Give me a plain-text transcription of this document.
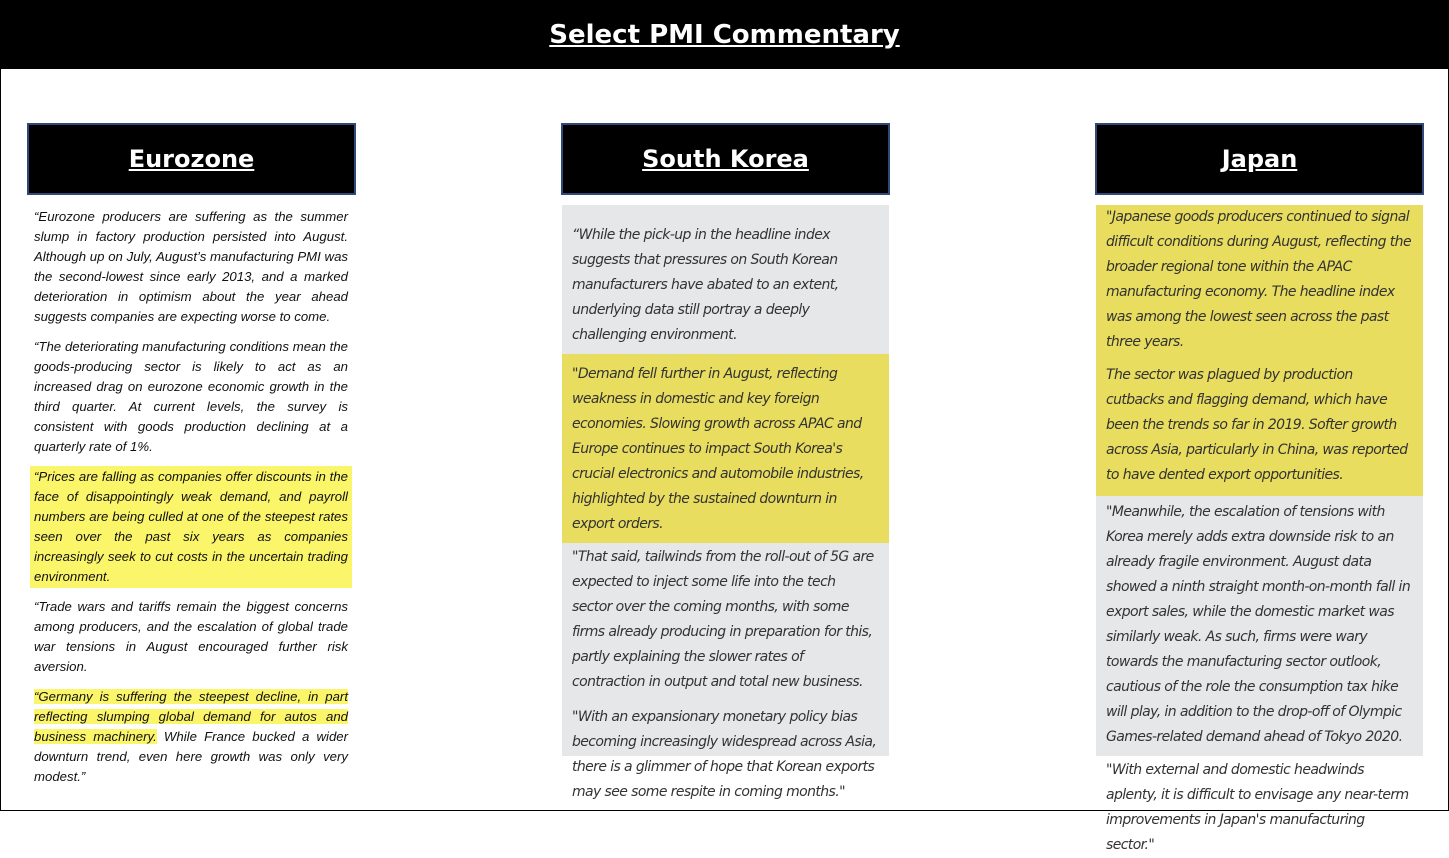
Select PMI Commentary
Eurozone	South Korea	Japan

“Eurozone producers are suffering as the summer slump in factory production persisted into August. Although up on July, August’s manufacturing PMI was the second-lowest since early 2013, and a marked deterioration in optimism about the year ahead suggests companies are expecting worse to come.

“The deteriorating manufacturing conditions mean the goods-producing sector is likely to act as an increased drag on eurozone economic growth in the third quarter. At current levels, the survey is consistent with goods production declining at a quarterly rate of 1%.

“Prices are falling as companies offer discounts in the face of disappointingly weak demand, and payroll numbers are being culled at one of the steepest rates seen over the past six years as companies increasingly seek to cut costs in the uncertain trading environment.

“Trade wars and tariffs remain the biggest concerns among producers, and the escalation of global trade war tensions in August encouraged further risk aversion.

“Germany is suffering the steepest decline, in part reflecting slumping global demand for autos and business machinery. While France bucked a wider downturn trend, even here growth was only very modest.”

“While the pick-up in the headline index suggests that pressures on South Korean manufacturers have abated to an extent, underlying data still portray a deeply challenging environment.

"Demand fell further in August, reflecting weakness in domestic and key foreign economies. Slowing growth across APAC and Europe continues to impact South Korea's crucial electronics and automobile industries, highlighted by the sustained downturn in export orders.

"That said, tailwinds from the roll-out of 5G are expected to inject some life into the tech sector over the coming months, with some firms already producing in preparation for this, partly explaining the slower rates of contraction in output and total new business.

"With an expansionary monetary policy bias becoming increasingly widespread across Asia, there is a glimmer of hope that Korean exports may see some respite in coming months."

"Japanese goods producers continued to signal difficult conditions during August, reflecting the broader regional tone within the APAC manufacturing economy. The headline index was among the lowest seen across the past three years.

The sector was plagued by production cutbacks and flagging demand, which have been the trends so far in 2019. Softer growth across Asia, particularly in China, was reported to have dented export opportunities.

"Meanwhile, the escalation of tensions with Korea merely adds extra downside risk to an already fragile environment. August data showed a ninth straight month-on-month fall in export sales, while the domestic market was similarly weak. As such, firms were wary towards the manufacturing sector outlook, cautious of the role the consumption tax hike will play, in addition to the drop-off of Olympic Games-related demand ahead of Tokyo 2020.

"With external and domestic headwinds aplenty, it is difficult to envisage any near-term improvements in Japan's manufacturing sector."
